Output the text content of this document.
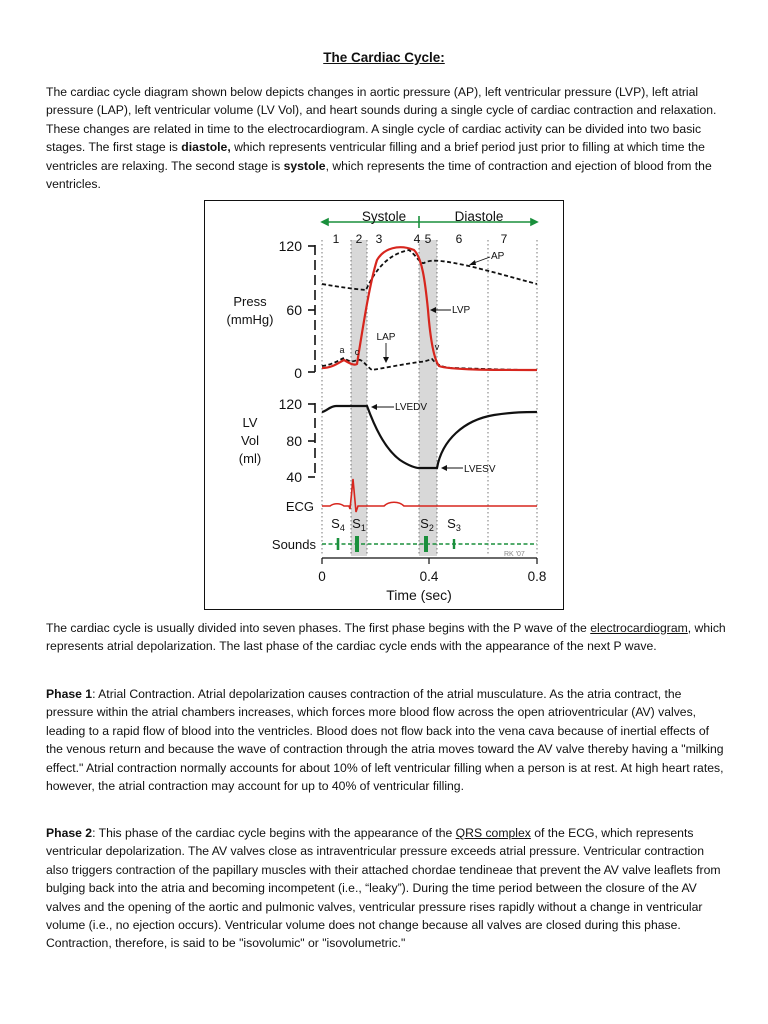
The Cardiac Cycle:

The cardiac cycle diagram shown below depicts changes in aortic pressure (AP), left ventricular pressure (LVP), left atrial pressure (LAP), left ventricular volume (LV Vol), and heart sounds during a single cycle of cardiac contraction and relaxation. These changes are related in time to the electrocardiogram. A single cycle of cardiac activity can be divided into two basic stages. The first stage is diastole, which represents ventricular filling and a brief period just prior to filling at which time the ventricles are relaxing. The second stage is systole, which represents the time of contraction and ejection of blood from the ventricles.

Systole	Diastole
1 2 3	4 5 6	7
120
60
0
Press
(mmHg)
AP
LVP
LAP
a c	v
120
80
40
LV
Vol
(ml)
LVEDV
LVESV
ECG
$S_4$ $S_1$	$S_2$ $S_3$
Sounds
RK '07
0	0.4	0.8
Time (sec)

The cardiac cycle is usually divided into seven phases. The first phase begins with the P wave of the electrocardiogram, which represents atrial depolarization. The last phase of the cardiac cycle ends with the appearance of the next P wave.

Phase 1: Atrial Contraction. Atrial depolarization causes contraction of the atrial musculature. As the atria contract, the pressure within the atrial chambers increases, which forces more blood flow across the open atrioventricular (AV) valves, leading to a rapid flow of blood into the ventricles. Blood does not flow back into the vena cava because of inertial effects of the venous return and because the wave of contraction through the atria moves toward the AV valve thereby having a "milking effect." Atrial contraction normally accounts for about 10% of left ventricular filling when a person is at rest. At high heart rates, however, the atrial contraction may account for up to 40% of ventricular filling.

Phase 2: This phase of the cardiac cycle begins with the appearance of the QRS complex of the ECG, which represents ventricular depolarization. The AV valves close as intraventricular pressure exceeds atrial pressure. Ventricular contraction also triggers contraction of the papillary muscles with their attached chordae tendineae that prevent the AV valve leaflets from bulging back into the atria and becoming incompetent (i.e., “leaky”). During the time period between the closure of the AV valves and the opening of the aortic and pulmonic valves, ventricular pressure rises rapidly without a change in ventricular volume (i.e., no ejection occurs). Ventricular volume does not change because all valves are closed during this phase. Contraction, therefore, is said to be "isovolumic" or "isovolumetric."
